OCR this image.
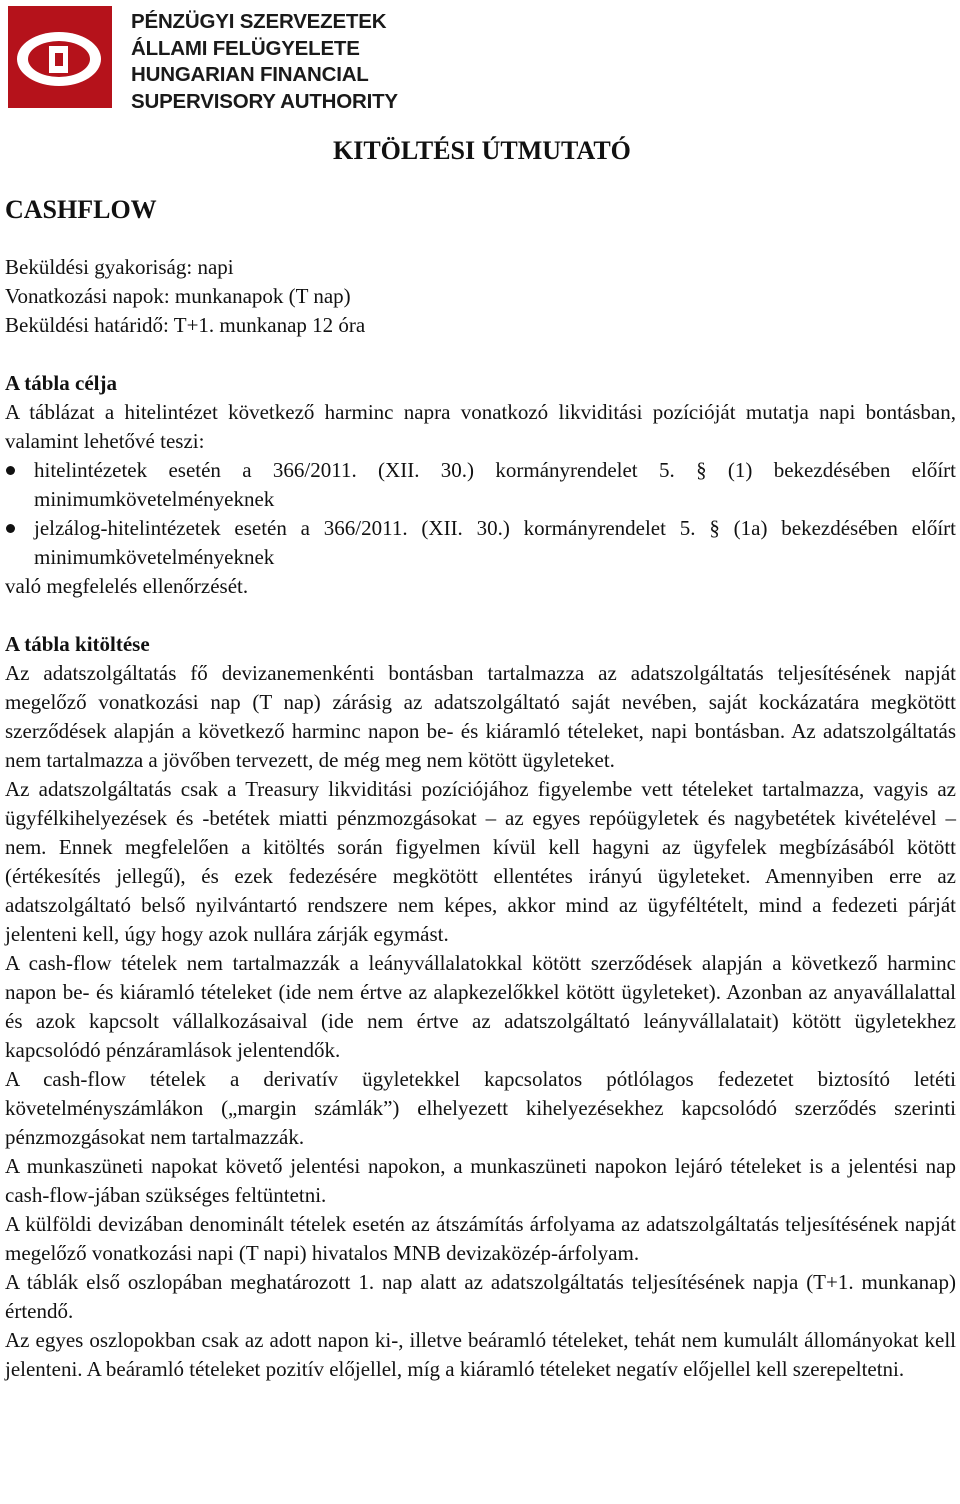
PÉNZÜGYI SZERVEZETEK
ÁLLAMI FELÜGYELETE
HUNGARIAN FINANCIAL
SUPERVISORY AUTHORITY
KITÖLTÉSI ÚTMUTATÓ
CASHFLOW

Beküldési gyakoriság: napi

Vonatkozási napok: munkanapok (T nap)

Beküldési határidő: T+1. munkanap 12 óra

A tábla célja

A táblázat a hitelintézet következő harminc napra vonatkozó likviditási pozícióját mutatja napi bontásban, valamint lehetővé teszi:

hitelintézetek esetén a 366/2011. (XII. 30.) kormányrendelet 5. § (1) bekezdésében előírt minimumkövetelményeknek
jelzálog-hitelintézetek esetén a 366/2011. (XII. 30.) kormányrendelet 5. § (1a) bekezdésében előírt minimumkövetelményeknek

való megfelelés ellenőrzését.

A tábla kitöltése

Az adatszolgáltatás fő devizanemenkénti bontásban tartalmazza az adatszolgáltatás teljesítésének napját megelőző vonatkozási nap (T nap) zárásig az adatszolgáltató saját nevében, saját kockázatára megkötött szerződések alapján a következő harminc napon be- és kiáramló tételeket, napi bontásban. Az adatszolgáltatás nem tartalmazza a jövőben tervezett, de még meg nem kötött ügyleteket.

Az adatszolgáltatás csak a Treasury likviditási pozíciójához figyelembe vett tételeket tartalmazza, vagyis az ügyfélkihelyezések és -betétek miatti pénzmozgásokat – az egyes repóügyletek és nagybetétek kivételével – nem. Ennek megfelelően a kitöltés során figyelmen kívül kell hagyni az ügyfelek megbízásából kötött (értékesítés jellegű), és ezek fedezésére megkötött ellentétes irányú ügyleteket. Amennyiben erre az adatszolgáltató belső nyilvántartó rendszere nem képes, akkor mind az ügyféltételt, mind a fedezeti párját jelenteni kell, úgy hogy azok nullára zárják egymást.

A cash-flow tételek nem tartalmazzák a leányvállalatokkal kötött szerződések alapján a következő harminc napon be- és kiáramló tételeket (ide nem értve az alapkezelőkkel kötött ügyleteket). Azonban az anyavállalattal és azok kapcsolt vállalkozásaival (ide nem értve az adatszolgáltató leányvállalatait) kötött ügyletekhez kapcsolódó pénzáramlások jelentendők.

A cash-flow tételek a derivatív ügyletekkel kapcsolatos pótlólagos fedezetet biztosító letéti követelményszámlákon („margin számlák”) elhelyezett kihelyezésekhez kapcsolódó szerződés szerinti pénzmozgásokat nem tartalmazzák.

A munkaszüneti napokat követő jelentési napokon, a munkaszüneti napokon lejáró tételeket is a jelentési nap cash-flow-jában szükséges feltüntetni.

A külföldi devizában denominált tételek esetén az átszámítás árfolyama az adatszolgáltatás teljesítésének napját megelőző vonatkozási napi (T napi) hivatalos MNB devizaközép-árfolyam.

A táblák első oszlopában meghatározott 1. nap alatt az adatszolgáltatás teljesítésének napja (T+1. munkanap) értendő.

Az egyes oszlopokban csak az adott napon ki-, illetve beáramló tételeket, tehát nem kumulált állományokat kell jelenteni. A beáramló tételeket pozitív előjellel, míg a kiáramló tételeket negatív előjellel kell szerepeltetni.
